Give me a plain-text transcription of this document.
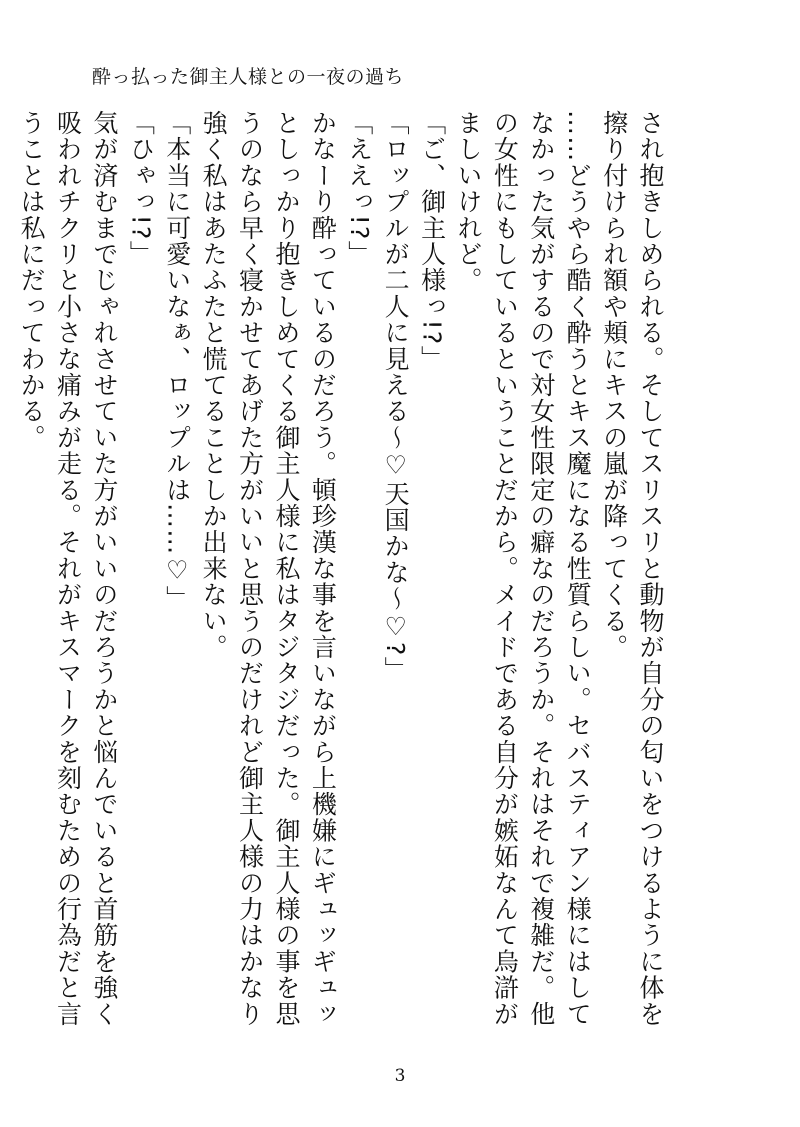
酔っ払った御主人様との一夜の過ち

され抱きしめられる。そしてスリスリと動物が自分の匂いをつけるように体を擦り付けられ額や頬にキスの嵐が降ってくる。

……どうやら酷く酔うとキス魔になる性質らしい。セバスティアン様にはしてなかった気がするので対女性限定の癖なのだろうか。それはそれで複雑だ。他の女性にもしているということだから。メイドである自分が嫉妬なんて烏滸がましいけれど。

「ご、御主人様っ!?」

「ロップルが二人に見える〜♡天国かな〜♡?」

「ええっ!?」

かなーり酔っているのだろう。頓珍漢な事を言いながら上機嫌にギュッギュッとしっかり抱きしめてくる御主人様に私はタジタジだった。御主人様の事を思うのなら早く寝かせてあげた方がいいと思うのだけれど御主人様の力はかなり強く私はあたふたと慌てることしか出来ない。

「本当に可愛いなぁ、ロップルは……♡」

「ひゃっ!?」

気が済むまでじゃれさせていた方がいいのだろうかと悩んでいると首筋を強く吸われチクリと小さな痛みが走る。それがキスマークを刻むための行為だと言うことは私にだってわかる。

3
